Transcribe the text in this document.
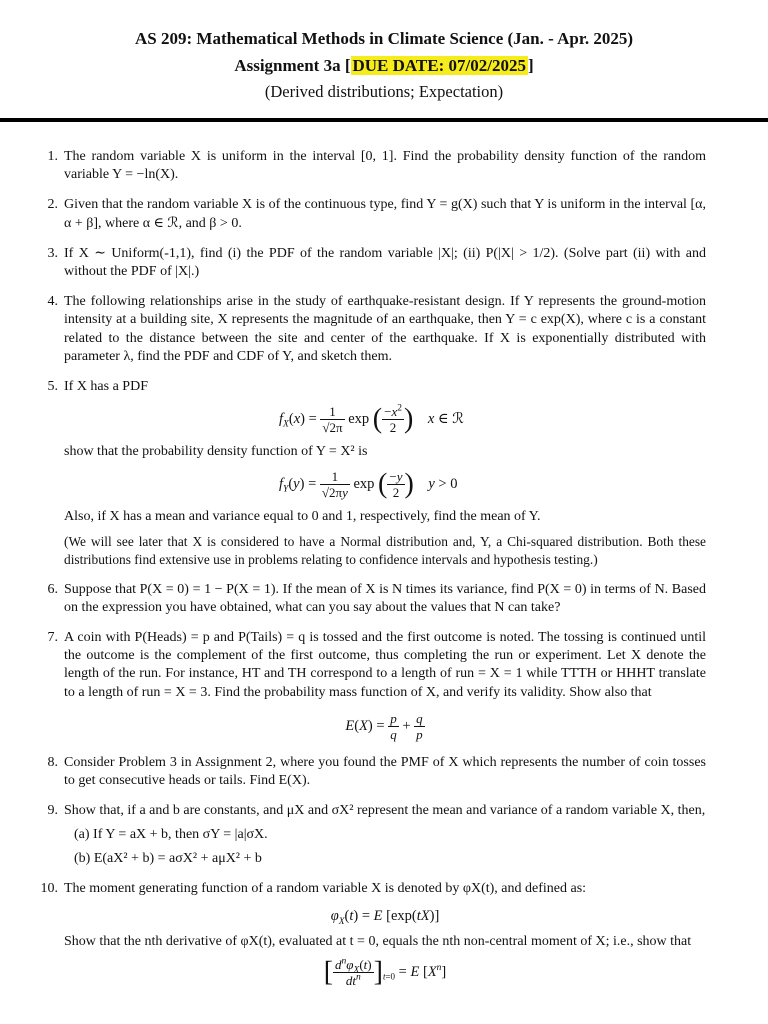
AS 209: Mathematical Methods in Climate Science (Jan. - Apr. 2025)
Assignment 3a [ DUE DATE: 07/02/2025 ]
(Derived distributions; Expectation)
1. The random variable X is uniform in the interval [0, 1]. Find the probability density function of the random variable Y = −ln(X).
2. Given that the random variable X is of the continuous type, find Y = g(X) such that Y is uniform in the interval [α, α + β], where α ∈ ℛ, and β > 0.
3. If X ∼ Uniform(-1,1), find (i) the PDF of the random variable |X|; (ii) P(|X| > 1/2). (Solve part (ii) with and without the PDF of |X|.)
4. The following relationships arise in the study of earthquake-resistant design. If Y represents the ground-motion intensity at a building site, X represents the magnitude of an earthquake, then Y = c exp(X), where c is a constant related to the distance between the site and center of the earthquake. If X is exponentially distributed with parameter λ, find the PDF and CDF of Y, and sketch them.
5. If X has a PDF
$f_X(x) = \frac{1}{√2\pi}$ exp ( $\frac{-x^2}{2}$ ) x ∈ ℛ
show that the probability density function of Y = X² is
$f_Y(y) = \frac{1}{√2\pi y}$ exp ( $\frac{-y}{2}$ ) y > 0
Also, if X has a mean and variance equal to 0 and 1, respectively, find the mean of Y.
(We will see later that X is considered to have a Normal distribution and, Y, a Chi-squared distribution. Both these distributions find extensive use in problems relating to confidence intervals and hypothesis testing.)
6. Suppose that P(X = 0) = 1 − P(X = 1). If the mean of X is N times its variance, find P(X = 0) in terms of N. Based on the expression you have obtained, what can you say about the values that N can take?
7. A coin with P(Heads) = p and P(Tails) = q is tossed and the first outcome is noted. The tossing is continued until the outcome is the complement of the first outcome, thus completing the run or experiment. Let X denote the length of the run. For instance, HT and TH correspond to a length of run = X = 1 while TTTH or HHHT translate to a length of run = X = 3. Find the probability mass function of X, and verify its validity. Show also that
$E(X) = \frac{p}{q} + \frac{q}{p}$
8. Consider Problem 3 in Assignment 2, where you found the PMF of X which represents the number of coin tosses to get consecutive heads or tails. Find E(X).
9. Show that, if a and b are constants, and μX and σX² represent the mean and variance of a random variable X, then,
(a) If Y = aX + b, then σY = |a|σX.
(b) E(aX² + b) = aσX² + aμX² + b
10. The moment generating function of a random variable X is denoted by φX(t), and defined as:
$\varphi_X(t) = E$ [exp(tX)]
Show that the nth derivative of φX(t), evaluated at t = 0, equals the nth non-central moment of X; i.e., show that
[ $\frac{d^n\varphi_X(t)}{dt^n} ]_{t=0} = E$ $[X^n]$
